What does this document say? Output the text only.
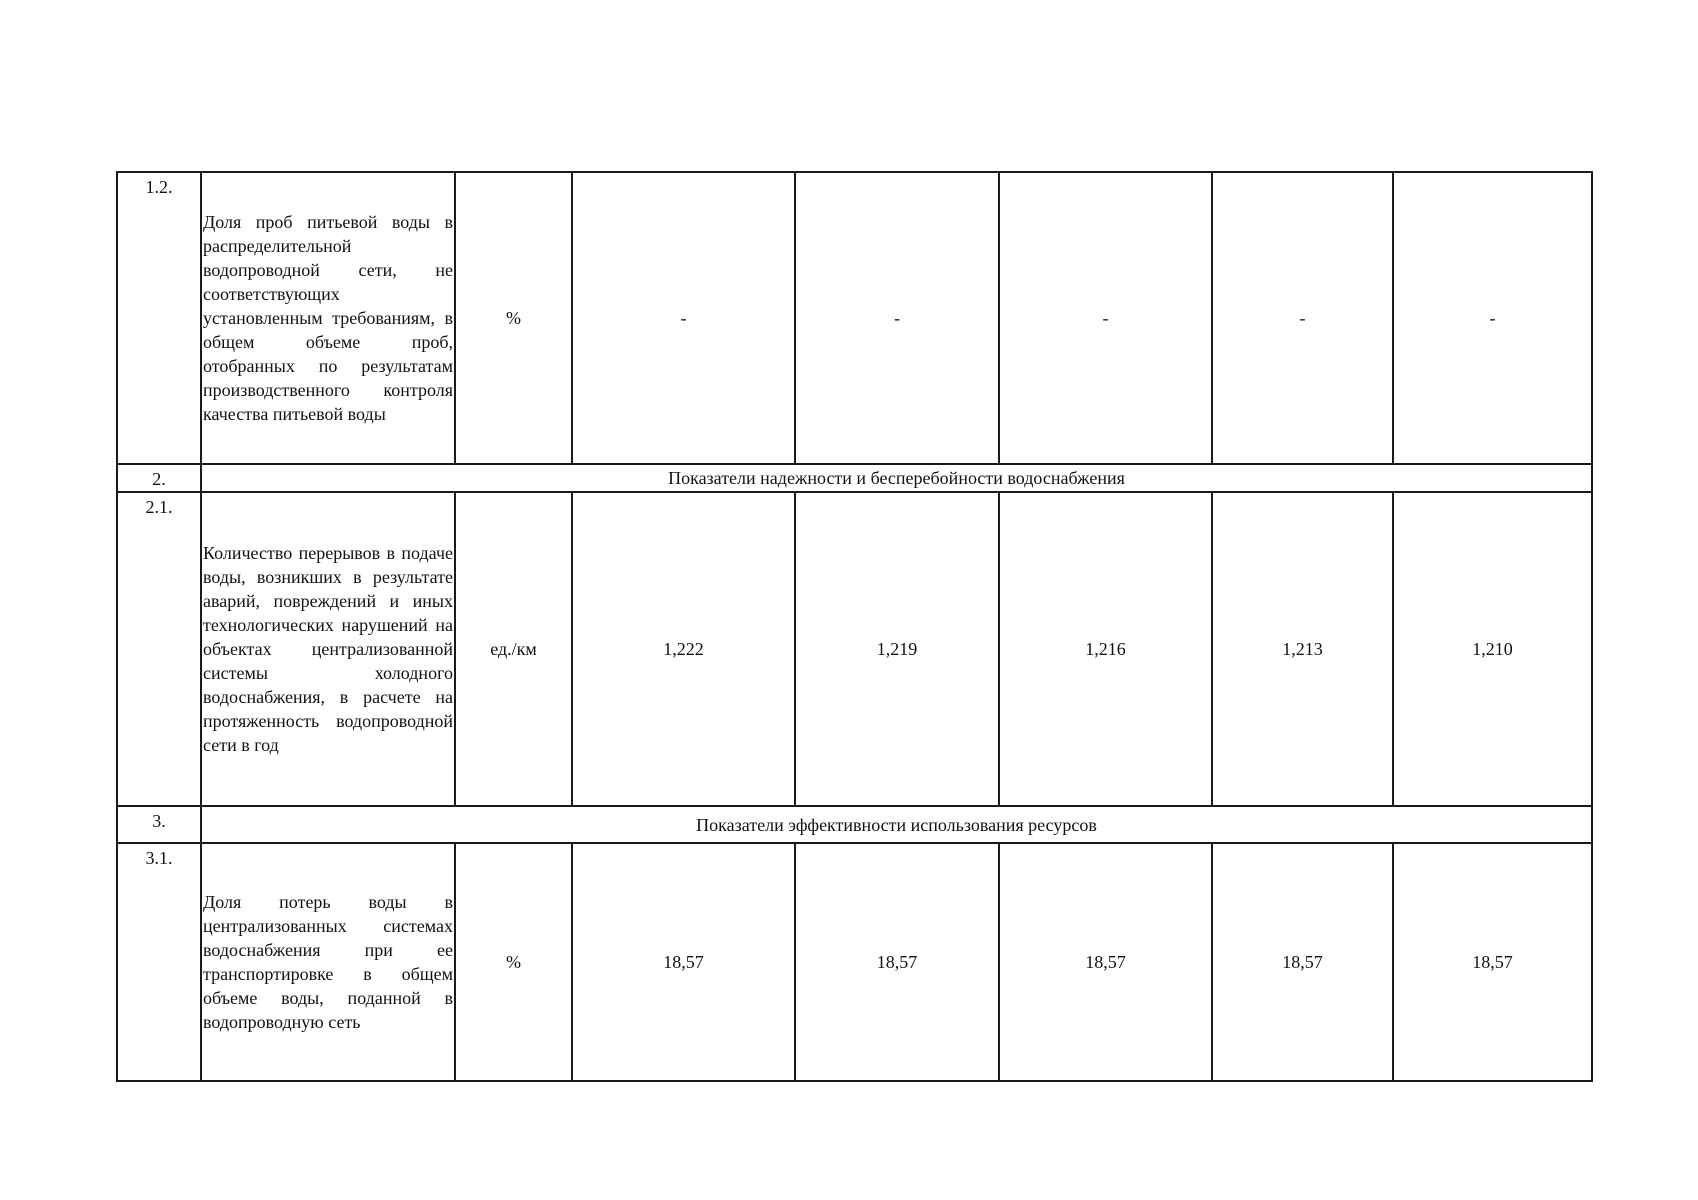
1.2.	Доля проб питьевой воды в распределительной водопроводной сети, не соответствующих установленным требованиям, в общем объеме проб, отобранных по результатам производственного контроля качества питьевой воды	%	-	-	-	-	-
2.	Показатели надежности и бесперебойности водоснабжения						
2.1.	Количество перерывов в подаче воды, возникших в результате аварий, повреждений и иных технологических нарушений на объектах централизованной системы холодного водоснабжения, в расчете на протяженность водопроводной сети в год	ед./км	1,222	1,219	1,216	1,213	1,210
3.	Показатели эффективности использования ресурсов						
3.1.	Доля потерь воды в централизованных системах водоснабжения при ее транспортировке в общем объеме воды, поданной в водопроводную сеть	%	18,57	18,57	18,57	18,57	18,57
